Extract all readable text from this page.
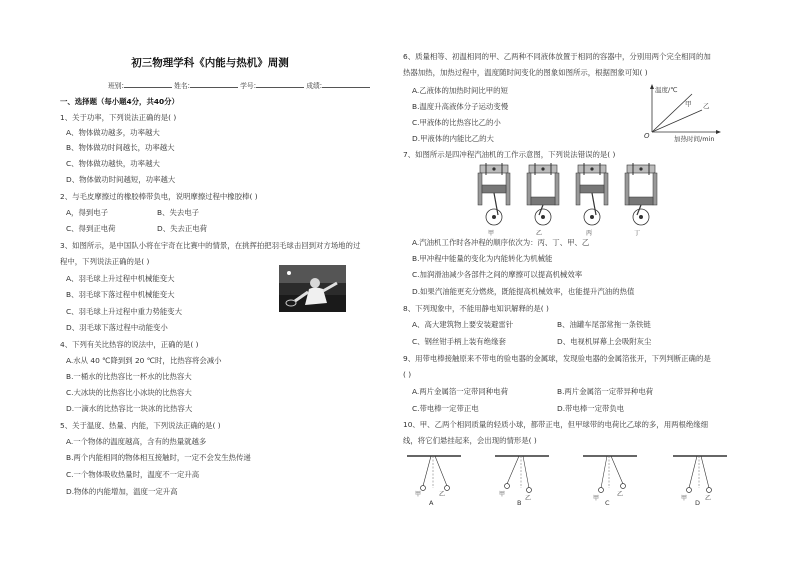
初三物理学科《内能与热机》周测
班别:	姓名:	学号:	成绩:
一、选择题（每小题4分，共40分）
1、关于功率，下列说法正确的是( )
A、物体做功越多，功率越大
B、物体做功时间越长，功率越大
C、物体做功越快，功率越大
D、物体做功时间越短，功率越大
2、与毛皮摩擦过的橡胶棒带负电，说明摩擦过程中橡胶棒( )
A，得到电子	B、失去电子
C、得到正电荷	D、失去正电荷
3、如图所示，是中国队小将在宇奇在比赛中的情景，在挑挥拍把羽毛球击回到对方场地的过
程中，下列说法正确的是( )
A、羽毛球上升过程中机械能变大
B、羽毛球下落过程中机械能变大
C、羽毛球上升过程中重力势能变大
D、羽毛球下落过程中动能变小
4、下列有关比热容的说法中，正确的是( )
A.水从 40 ℃降到到 20 ℃时，比热容将会减小
B.一桶水的比热容比一杯水的比热容大
C.大冰块的比热容比小冰块的比热容大
D.一滴水的比热容比一块冰的比热容大
5、关于温度、热量、内能，下列说法正确的是( )
A.一个物体的温度越高，含有的热量就越多
B.两个内能相同的物体相互接触时，一定不会发生热传递
C.一个物体吸收热量时，温度不一定升高
D.物体的内能增加，温度一定升高
6、质量相等、初温相同的甲、乙两种不同液体放置于相同的容器中，分别用两个完全相同的加
热器加热，加热过程中，温度随时间变化的图象如图所示，根据图象可知( )
A.乙液体的加热时间比甲的短
B.温度升高液体分子运动变慢
C.甲液体的比热容比乙的小
D.甲液体的内能比乙的大
温度/℃
加热时间/min
O
甲 乙
7、如图所示是四冲程汽油机的工作示意图，下列说法错误的是( )
甲	乙	丙	丁
A.汽油机工作时各冲程的顺序依次为：丙、丁、甲、乙
B.甲冲程中能量的变化为内能转化为机械能
C.加润滑油减少各部件之间的摩擦可以提高机械效率
D.如果汽油能更充分燃烧，既能提高机械效率，也能提升汽油的热值
8、下列现象中，不能用静电知识解释的是( )
A、高大建筑物上要安装避雷针	B、油罐车尾部常拖一条铁链
C、钢丝钳手柄上装有绝缘套	D、电视机屏幕上会吸附灰尘
9、用带电棒接触原来不带电的验电器的金属球，发现验电器的金属箔张开，下列判断正确的是
( )
A.两片金属箔一定带同种电荷	B.两片金属箔一定带异种电荷
C.带电棒一定带正电	D.带电棒一定带负电
10、甲、乙两个相同质量的轻质小球，都带正电，但甲球带的电荷比乙球的多，用两根绝缘细
线，将它们悬挂起来，会出现的情形是( )
甲	乙
A
甲
乙
B
甲
乙
C
甲	乙
D
